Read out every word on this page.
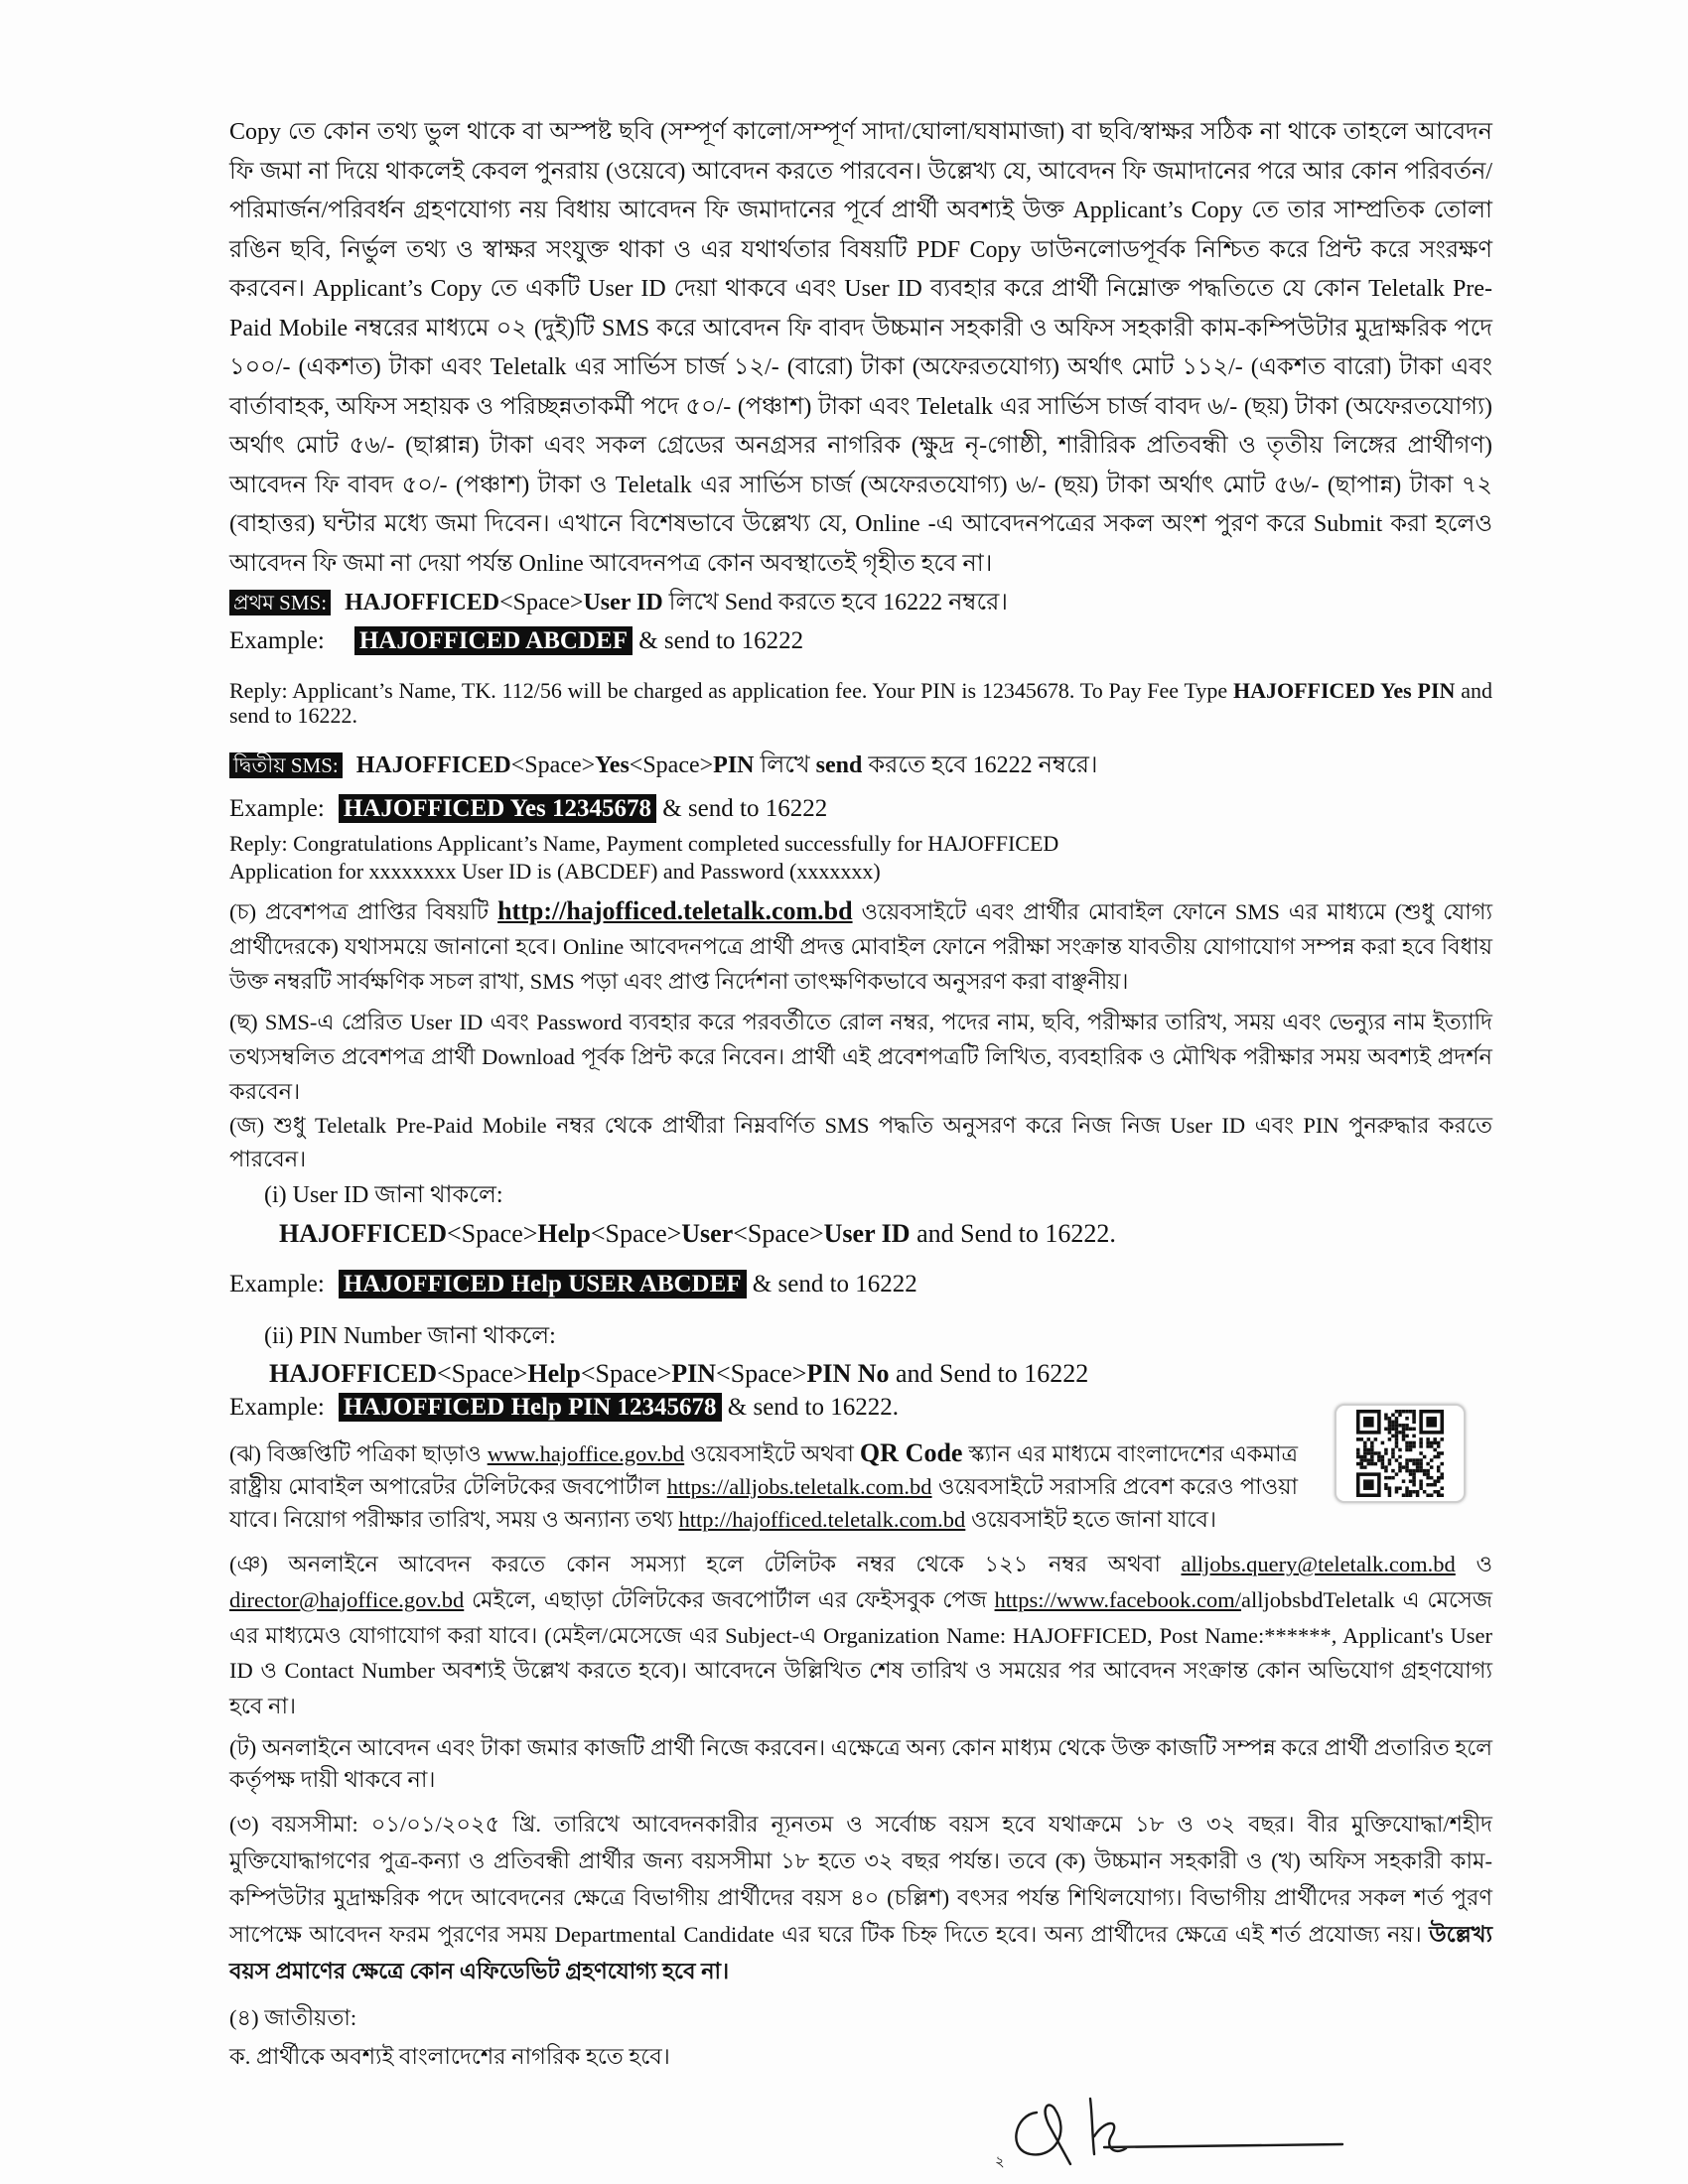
Copy তে কোন তথ্য ভুল থাকে বা অস্পষ্ট ছবি (সম্পূর্ণ কালো/সম্পূর্ণ সাদা/ঘোলা/ঘষামাজা) বা ছবি/স্বাক্ষর সঠিক না থাকে তাহলে আবেদন ফি জমা না দিয়ে থাকলেই কেবল পুনরায় (ওয়েবে) আবেদন করতে পারবেন। উল্লেখ্য যে, আবেদন ফি জমাদানের পরে আর কোন পরিবর্তন/পরিমার্জন/পরিবর্ধন গ্রহণযোগ্য নয় বিধায় আবেদন ফি জমাদানের পূর্বে প্রার্থী অবশ্যই উক্ত Applicant’s Copy তে তার সাম্প্রতিক তোলা রঙিন ছবি, নির্ভুল তথ্য ও স্বাক্ষর সংযুক্ত থাকা ও এর যথার্থতার বিষয়টি PDF Copy ডাউনলোডপূর্বক নিশ্চিত করে প্রিন্ট করে সংরক্ষণ করবেন। Applicant’s Copy তে একটি User ID দেয়া থাকবে এবং User ID ব্যবহার করে প্রার্থী নিম্নোক্ত পদ্ধতিতে যে কোন Teletalk Pre-Paid Mobile নম্বরের মাধ্যমে ০২ (দুই)টি SMS করে আবেদন ফি বাবদ উচ্চমান সহকারী ও অফিস সহকারী কাম-কম্পিউটার মুদ্রাক্ষরিক পদে ১০০/- (একশত) টাকা এবং Teletalk এর সার্ভিস চার্জ ১২/- (বারো) টাকা (অফেরতযোগ্য) অর্থাৎ মোট ১১২/- (একশত বারো) টাকা এবং বার্তাবাহক, অফিস সহায়ক ও পরিচ্ছন্নতাকর্মী পদে ৫০/- (পঞ্চাশ) টাকা এবং Teletalk এর সার্ভিস চার্জ বাবদ ৬/- (ছয়) টাকা (অফেরতযোগ্য) অর্থাৎ মোট ৫৬/- (ছাপ্পান্ন) টাকা এবং সকল গ্রেডের অনগ্রসর নাগরিক (ক্ষুদ্র নৃ-গোষ্ঠী, শারীরিক প্রতিবন্ধী ও তৃতীয় লিঙ্গের প্রার্থীগণ) আবেদন ফি বাবদ ৫০/- (পঞ্চাশ) টাকা ও Teletalk এর সার্ভিস চার্জ (অফেরতযোগ্য) ৬/- (ছয়) টাকা অর্থাৎ মোট ৫৬/- (ছাপান্ন) টাকা ৭২ (বাহাত্তর) ঘন্টার মধ্যে জমা দিবেন। এখানে বিশেষভাবে উল্লেখ্য যে, Online -এ আবেদনপত্রের সকল অংশ পুরণ করে Submit করা হলেও আবেদন ফি জমা না দেয়া পর্যন্ত Online আবেদনপত্র কোন অবস্থাতেই গৃহীত হবে না।

প্রথম SMS: HAJOFFICED<Space>User ID লিখে Send করতে হবে 16222 নম্বরে।
Example: HAJOFFICED ABCDEF & send to 16222

Reply: Applicant’s Name, TK. 112/56 will be charged as application fee. Your PIN is 12345678. To Pay Fee Type HAJOFFICED Yes PIN and send to 16222.

দ্বিতীয় SMS: HAJOFFICED<Space>Yes<Space>PIN লিখে send করতে হবে 16222 নম্বরে।
Example: HAJOFFICED Yes 12345678 & send to 16222
Reply: Congratulations Applicant’s Name, Payment completed successfully for HAJOFFICED
Application for xxxxxxxx User ID is (ABCDEF) and Password (xxxxxxx)

(চ) প্রবেশপত্র প্রাপ্তির বিষয়টি http://hajofficed.teletalk.com.bd ওয়েবসাইটে এবং প্রার্থীর মোবাইল ফোনে SMS এর মাধ্যমে (শুধু যোগ্য প্রার্থীদেরকে) যথাসময়ে জানানো হবে। Online আবেদনপত্রে প্রার্থী প্রদত্ত মোবাইল ফোনে পরীক্ষা সংক্রান্ত যাবতীয় যোগাযোগ সম্পন্ন করা হবে বিধায় উক্ত নম্বরটি সার্বক্ষণিক সচল রাখা, SMS পড়া এবং প্রাপ্ত নির্দেশনা তাৎক্ষণিকভাবে অনুসরণ করা বাঞ্ছনীয়।

(ছ) SMS-এ প্রেরিত User ID এবং Password ব্যবহার করে পরবর্তীতে রোল নম্বর, পদের নাম, ছবি, পরীক্ষার তারিখ, সময় এবং ভেন্যুর নাম ইত্যাদি তথ্যসম্বলিত প্রবেশপত্র প্রার্থী Download পূর্বক প্রিন্ট করে নিবেন। প্রার্থী এই প্রবেশপত্রটি লিখিত, ব্যবহারিক ও মৌখিক পরীক্ষার সময় অবশ্যই প্রদর্শন করবেন।

(জ) শুধু Teletalk Pre-Paid Mobile নম্বর থেকে প্রার্থীরা নিম্নবর্ণিত SMS পদ্ধতি অনুসরণ করে নিজ নিজ User ID এবং PIN পুনরুদ্ধার করতে পারবেন।

(i) User ID জানা থাকলে:
HAJOFFICED<Space>Help<Space>User<Space>User ID and Send to 16222.
Example: HAJOFFICED Help USER ABCDEF & send to 16222
(ii) PIN Number জানা থাকলে:
HAJOFFICED<Space>Help<Space>PIN<Space>PIN No and Send to 16222
Example: HAJOFFICED Help PIN 12345678 & send to 16222.

(ঝ) বিজ্ঞপ্তিটি পত্রিকা ছাড়াও www.hajoffice.gov.bd ওয়েবসাইটে অথবা QR Code স্ক্যান এর মাধ্যমে বাংলাদেশের একমাত্র রাষ্ট্রীয় মোবাইল অপারেটর টেলিটকের জবপোর্টাল https://alljobs.teletalk.com.bd ওয়েবসাইটে সরাসরি প্রবেশ করেও পাওয়া যাবে। নিয়োগ পরীক্ষার তারিখ, সময় ও অন্যান্য তথ্য http://hajofficed.teletalk.com.bd ওয়েবসাইট হতে জানা যাবে।

(ঞ) অনলাইনে আবেদন করতে কোন সমস্যা হলে টেলিটক নম্বর থেকে ১২১ নম্বর অথবা alljobs.query@teletalk.com.bd ও director@hajoffice.gov.bd মেইলে, এছাড়া টেলিটকের জবপোর্টাল এর ফেইসবুক পেজ https://www.facebook.com/alljobsbdTeletalk এ মেসেজ এর মাধ্যমেও যোগাযোগ করা যাবে। (মেইল/মেসেজে এর Subject-এ Organization Name: HAJOFFICED, Post Name:******, Applicant's User ID ও Contact Number অবশ্যই উল্লেখ করতে হবে)। আবেদনে উল্লিখিত শেষ তারিখ ও সময়ের পর আবেদন সংক্রান্ত কোন অভিযোগ গ্রহণযোগ্য হবে না।

(ট) অনলাইনে আবেদন এবং টাকা জমার কাজটি প্রার্থী নিজে করবেন। এক্ষেত্রে অন্য কোন মাধ্যম থেকে উক্ত কাজটি সম্পন্ন করে প্রার্থী প্রতারিত হলে কর্তৃপক্ষ দায়ী থাকবে না।

(৩) বয়সসীমা: ০১/০১/২০২৫ খ্রি. তারিখে আবেদনকারীর ন্যূনতম ও সর্বোচ্চ বয়স হবে যথাক্রমে ১৮ ও ৩২ বছর। বীর মুক্তিযোদ্ধা/শহীদ মুক্তিযোদ্ধাগণের পুত্র-কন্যা ও প্রতিবন্ধী প্রার্থীর জন্য বয়সসীমা ১৮ হতে ৩২ বছর পর্যন্ত। তবে (ক) উচ্চমান সহকারী ও (খ) অফিস সহকারী কাম-কম্পিউটার মুদ্রাক্ষরিক পদে আবেদনের ক্ষেত্রে বিভাগীয় প্রার্থীদের বয়স ৪০ (চল্লিশ) বৎসর পর্যন্ত শিথিলযোগ্য। বিভাগীয় প্রার্থীদের সকল শর্ত পুরণ সাপেক্ষে আবেদন ফরম পুরণের সময় Departmental Candidate এর ঘরে টিক চিহ্ন দিতে হবে। অন্য প্রার্থীদের ক্ষেত্রে এই শর্ত প্রযোজ্য নয়। উল্লেখ্য বয়স প্রমাণের ক্ষেত্রে কোন এফিডেভিট গ্রহণযোগ্য হবে না।

(৪) জাতীয়তা:
ক. প্রার্থীকে অবশ্যই বাংলাদেশের নাগরিক হতে হবে।
২
